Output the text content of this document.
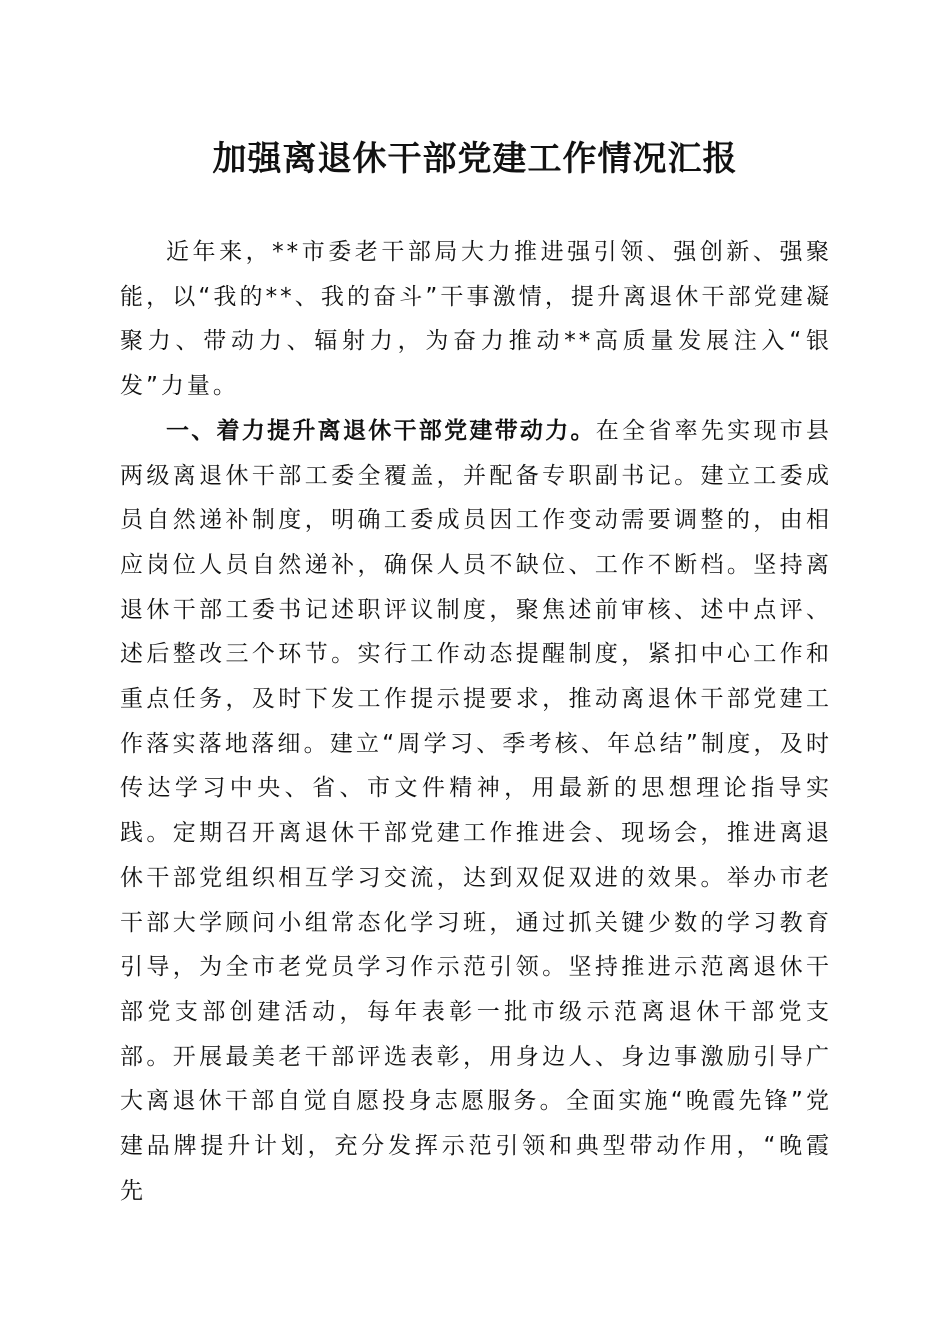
加强离退休干部党建工作情况汇报

近年来，**市委老干部局大力推进强引领、强创新、强聚能，以“我的**、我的奋斗”干事激情，提升离退休干部党建凝聚力、带动力、辐射力，为奋力推动**高质量发展注入“银发”力量。

一、着力提升离退休干部党建带动力。在全省率先实现市县两级离退休干部工委全覆盖，并配备专职副书记。建立工委成员自然递补制度，明确工委成员因工作变动需要调整的，由相应岗位人员自然递补，确保人员不缺位、工作不断档。坚持离退休干部工委书记述职评议制度，聚焦述前审核、述中点评、述后整改三个环节。实行工作动态提醒制度，紧扣中心工作和重点任务，及时下发工作提示提要求，推动离退休干部党建工作落实落地落细。建立“周学习、季考核、年总结”制度，及时传达学习中央、省、市文件精神，用最新的思想理论指导实践。定期召开离退休干部党建工作推进会、现场会，推进离退休干部党组织相互学习交流，达到双促双进的效果。举办市老干部大学顾问小组常态化学习班，通过抓关键少数的学习教育引导，为全市老党员学习作示范引领。坚持推进示范离退休干部党支部创建活动，每年表彰一批市级示范离退休干部党支部。开展最美老干部评选表彰，用身边人、身边事激励引导广大离退休干部自觉自愿投身志愿服务。全面实施“晚霞先锋”党建品牌提升计划，充分发挥示范引领和典型带动作用，“晚霞先
